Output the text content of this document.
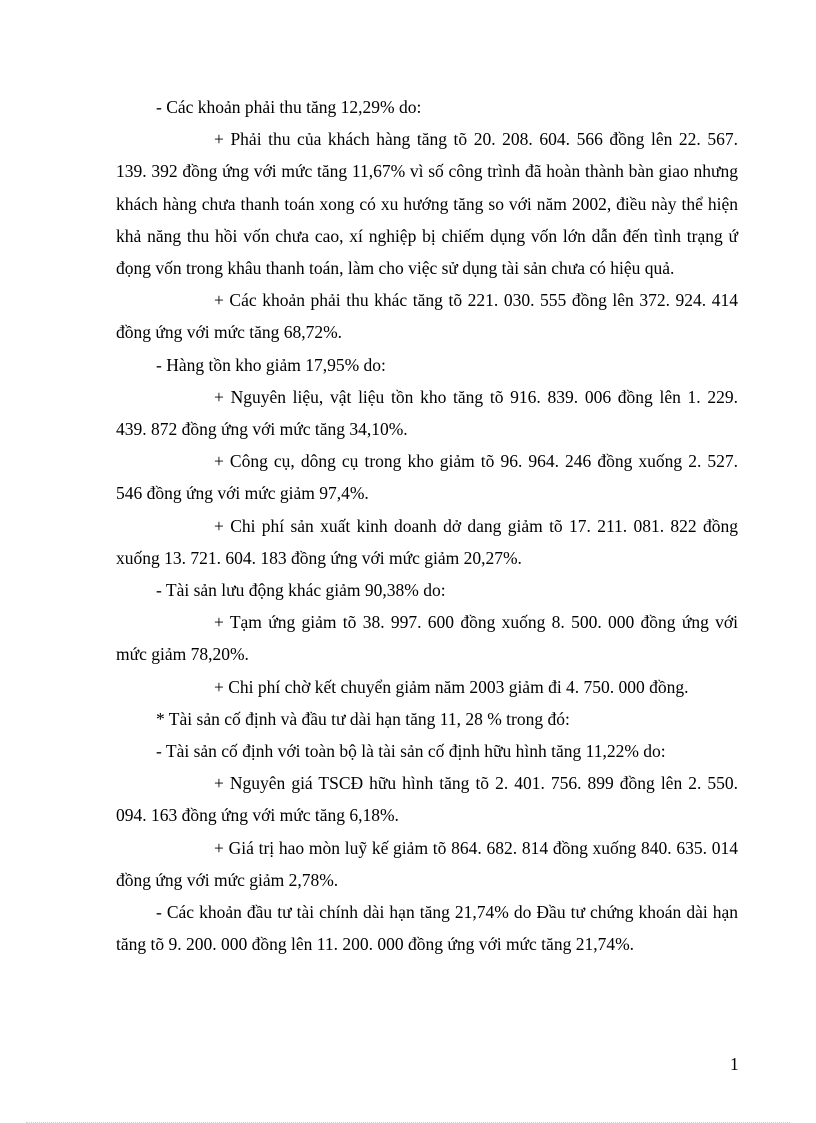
- Các khoản phải thu tăng 12,29% do:

+ Phải thu của khách hàng tăng tõ 20. 208. 604. 566 đồng lên 22. 567. 139. 392 đồng ứng với mức tăng 11,67% vì số công trình đã hoàn thành bàn giao nhưng khách hàng chưa thanh toán xong có xu hướng tăng so với năm 2002, điều này thể hiện khả năng thu hồi vốn chưa cao, xí nghiệp bị chiếm dụng vốn lớn dẫn đến tình trạng ứ đọng vốn trong khâu thanh toán, làm cho việc sử dụng tài sản chưa có hiệu quả.

+ Các khoản phải thu khác tăng tõ 221. 030. 555 đồng lên 372. 924. 414 đồng ứng với mức tăng 68,72%.

- Hàng tồn kho giảm 17,95% do:

+ Nguyên liệu, vật liệu tồn kho tăng tõ 916. 839. 006 đồng lên 1. 229. 439. 872 đồng ứng với mức tăng 34,10%.

+ Công cụ, dông cụ trong kho giảm tõ 96. 964. 246 đồng xuống 2. 527. 546 đồng ứng với mức giảm 97,4%.

+ Chi phí sản xuất kinh doanh dở dang giảm tõ 17. 211. 081. 822 đồng xuống 13. 721. 604. 183 đồng ứng với mức giảm 20,27%.

- Tài sản lưu động khác giảm 90,38% do:

+ Tạm ứng giảm tõ 38. 997. 600 đồng xuống 8. 500. 000 đồng ứng với mức giảm 78,20%.

+ Chi phí chờ kết chuyển giảm năm 2003 giảm đi 4. 750. 000 đồng.

* Tài sản cố định và đầu tư dài hạn tăng 11, 28 % trong đó:

- Tài sản cố định với toàn bộ là tài sản cố định hữu hình tăng 11,22% do:

+ Nguyên giá TSCĐ hữu hình tăng tõ 2. 401. 756. 899 đồng lên 2. 550. 094. 163 đồng ứng với mức tăng 6,18%.

+ Giá trị hao mòn luỹ kế giảm tõ 864. 682. 814 đồng xuống 840. 635. 014 đồng ứng với mức giảm 2,78%.

- Các khoản đầu tư tài chính dài hạn tăng 21,74% do Đầu tư chứng khoán dài hạn tăng tõ 9. 200. 000 đồng lên 11. 200. 000 đồng ứng với mức tăng 21,74%.

1
